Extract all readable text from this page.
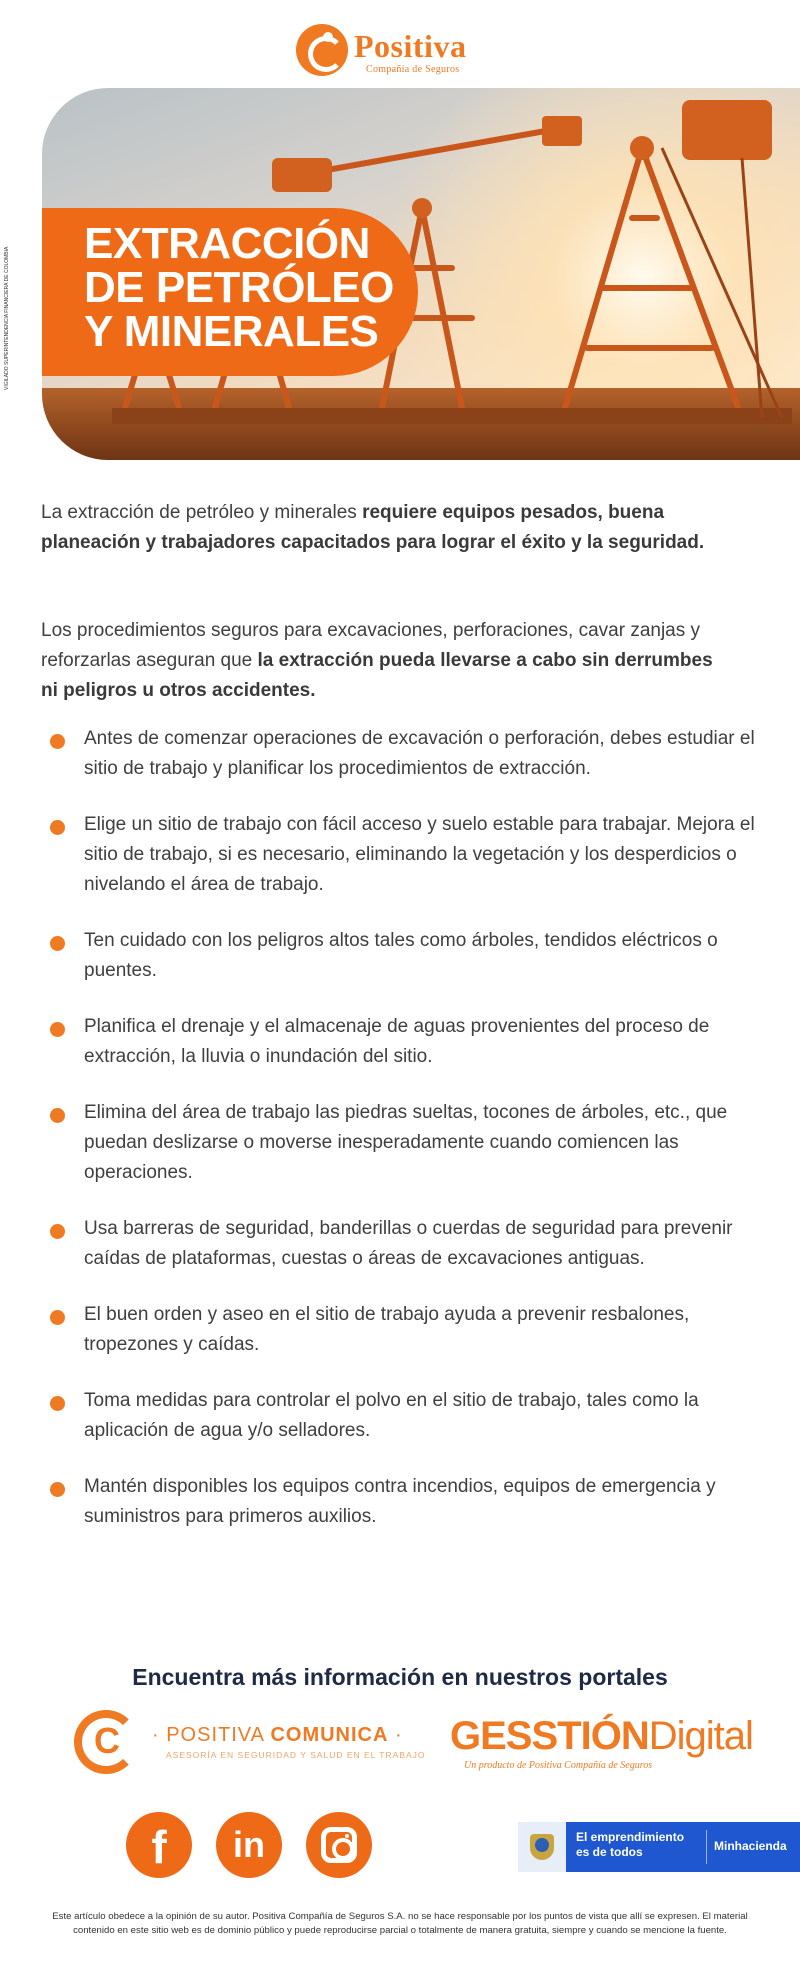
Positiva
Compañía de Seguros
EXTRACCIÓN
DE PETRÓLEO
Y MINERALES
VIGILADO SUPERINTENDENCIA FINANCIERA DE COLOMBIA

La extracción de petróleo y minerales requiere equipos pesados, buena planeación y trabajadores capacitados para lograr el éxito y la seguridad.

Los procedimientos seguros para excavaciones, perforaciones, cavar zanjas y reforzarlas aseguran que la extracción pueda llevarse a cabo sin derrumbes ni peligros u otros accidentes.

Antes de comenzar operaciones de excavación o perforación, debes estudiar el sitio de trabajo y planificar los procedimientos de extracción.
Elige un sitio de trabajo con fácil acceso y suelo estable para trabajar. Mejora el sitio de trabajo, si es necesario, eliminando la vegetación y los desperdicios o nivelando el área de trabajo.
Ten cuidado con los peligros altos tales como árboles, tendidos eléctricos o puentes.
Planifica el drenaje y el almacenaje de aguas provenientes del proceso de extracción, la lluvia o inundación del sitio.
Elimina del área de trabajo las piedras sueltas, tocones de árboles, etc., que puedan deslizarse o moverse inesperadamente cuando comiencen las operaciones.
Usa barreras de seguridad, banderillas o cuerdas de seguridad para prevenir caídas de plataformas, cuestas o áreas de excavaciones antiguas.
El buen orden y aseo en el sitio de trabajo ayuda a prevenir resbalones, tropezones y caídas.
Toma medidas para controlar el polvo en el sitio de trabajo, tales como la aplicación de agua y/o selladores.
Mantén disponibles los equipos contra incendios, equipos de emergencia y suministros para primeros auxilios.
Encuentra más información en nuestros portales
C
· POSITIVA COMUNICA ·
ASESORÍA EN SEGURIDAD Y SALUD EN EL TRABAJO GESSTIÓNDigital
Un producto de Positiva Compañía de Seguros
f	in	El emprendimiento es de todos	Minhacienda
Este artículo obedece a la opinión de su autor. Positiva Compañía de Seguros S.A. no se hace responsable por los puntos de vista que allí se expresen. El material
contenido en este sitio web es de dominio público y puede reproducirse parcial o totalmente de manera gratuita, siempre y cuando se mencione la fuente.
